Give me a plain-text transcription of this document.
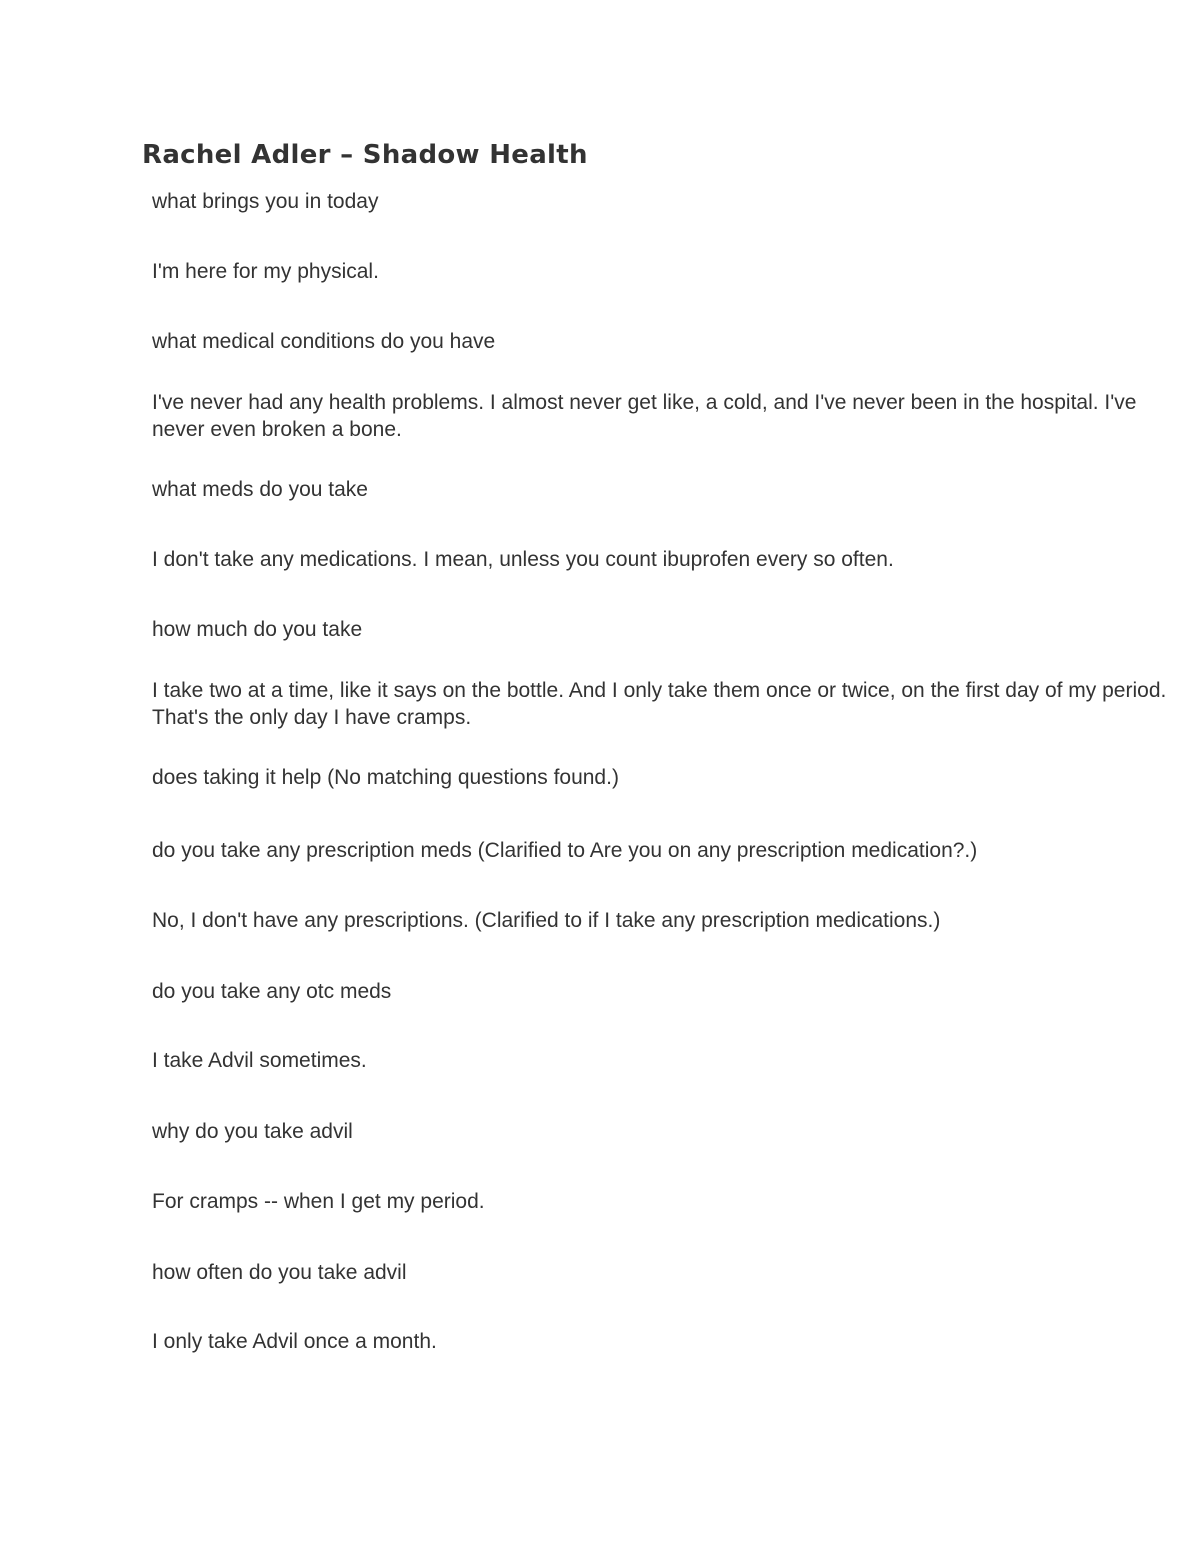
Rachel Adler – Shadow Health
what brings you in today
I'm here for my physical.
what medical conditions do you have
I've never had any health problems. I almost never get like, a cold, and I've never been in the hospital. I've never even broken a bone.
what meds do you take
I don't take any medications. I mean, unless you count ibuprofen every so often.
how much do you take
I take two at a time, like it says on the bottle. And I only take them once or twice, on the first day of my period. That's the only day I have cramps.
does taking it help (No matching questions found.)
do you take any prescription meds (Clarified to Are you on any prescription medication?.)
No, I don't have any prescriptions. (Clarified to if I take any prescription medications.)
do you take any otc meds
I take Advil sometimes.
why do you take advil
For cramps -- when I get my period.
how often do you take advil
I only take Advil once a month.
